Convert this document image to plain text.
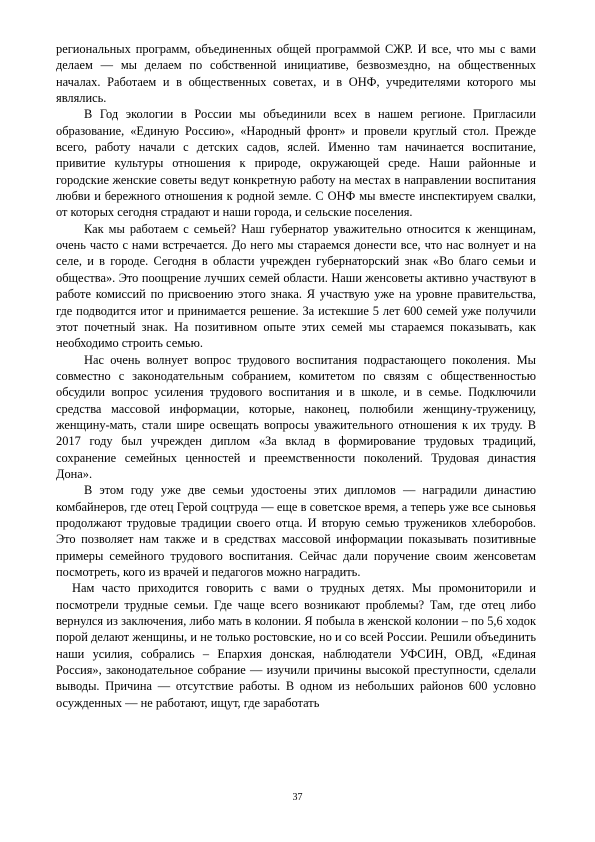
региональных программ, объединенных общей программой СЖР. И все, что мы с вами делаем — мы делаем по собственной инициативе, безвозмездно, на общественных началах. Работаем и в общественных советах, и в ОНФ, учредителями которого мы являлись.

В Год экологии в России мы объединили всех в нашем регионе. Пригласили образование, «Единую Россию», «Народный фронт» и провели круглый стол. Прежде всего, работу начали с детских садов, яслей. Именно там начинается воспитание, привитие культуры отношения к природе, окружающей среде. Наши районные и городские женские советы ведут конкретную работу на местах в направлении воспитания любви и бережного отношения к родной земле. С ОНФ мы вместе инспектируем свалки, от которых сегодня страдают и наши города, и сельские поселения.

Как мы работаем с семьей? Наш губернатор уважительно относится к женщинам, очень часто с нами встречается. До него мы стараемся донести все, что нас волнует и на селе, и в городе. Сегодня в области учрежден губернаторский знак «Во благо семьи и общества». Это поощрение лучших семей области. Наши женсоветы активно участвуют в работе комиссий по присвоению этого знака. Я участвую уже на уровне правительства, где подводится итог и принимается решение. За истекшие 5 лет 600 семей уже получили этот почетный знак. На позитивном опыте этих семей мы стараемся показывать, как необходимо строить семью.

Нас очень волнует вопрос трудового воспитания подрастающего поколения. Мы совместно с законодательным собранием, комитетом по связям с общественностью обсудили вопрос усиления трудового воспитания и в школе, и в семье. Подключили средства массовой информации, которые, наконец, полюбили женщину-труженицу, женщину-мать, стали шире освещать вопросы уважительного отношения к их труду. В 2017 году был учрежден диплом «За вклад в формирование трудовых традиций, сохранение семейных ценностей и преемственности поколений. Трудовая династия Дона».

В этом году уже две семьи удостоены этих дипломов — наградили династию комбайнеров, где отец Герой соцтруда — еще в советское время, а теперь уже все сыновья продолжают трудовые традиции своего отца. И вторую семью тружеников хлеборобов. Это позволяет нам также и в средствах массовой информации показывать позитивные примеры семейного трудового воспитания. Сейчас дали поручение своим женсоветам посмотреть, кого из врачей и педагогов можно наградить.

Нам часто приходится говорить с вами о трудных детях. Мы промониторили и посмотрели трудные семьи. Где чаще всего возникают проблемы? Там, где отец либо вернулся из заключения, либо мать в колонии. Я побыла в женской колонии – по 5,6 ходок порой делают женщины, и не только ростовские, но и со всей России. Решили объединить наши усилия, собрались – Епархия донская, наблюдатели УФСИН, ОВД, «Единая Россия», законодательное собрание — изучили причины высокой преступности, сделали выводы. Причина — отсутствие работы. В одном из небольших районов 600 условно осужденных — не работают, ищут, где заработать

37
